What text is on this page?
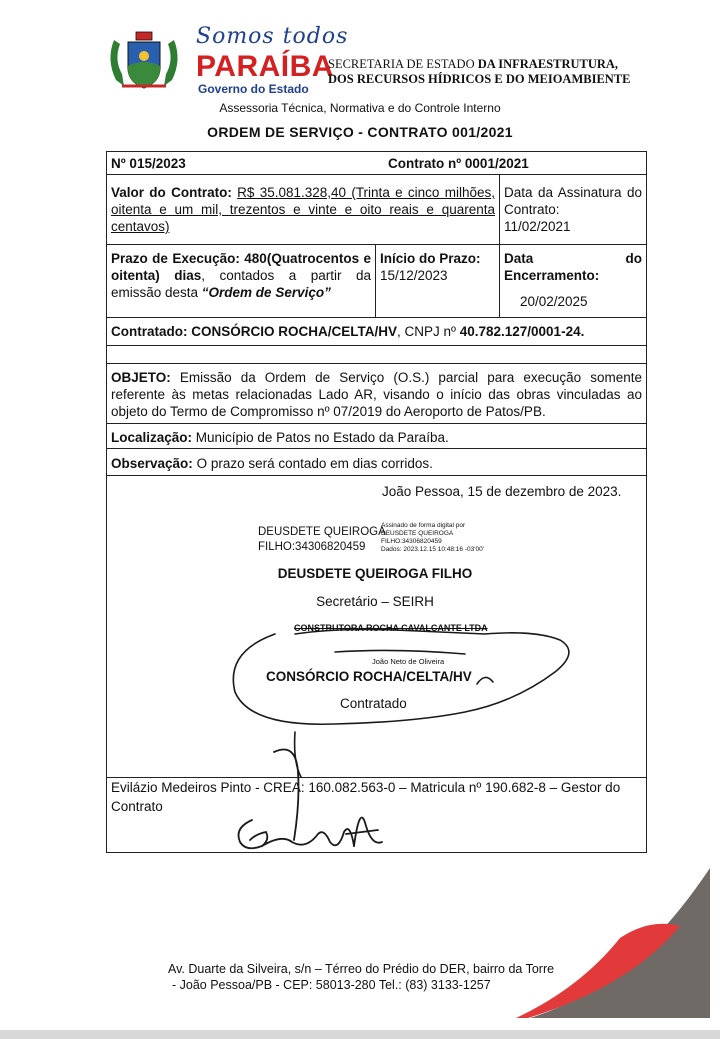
Somos todos
PARAÍBA
Governo do Estado
SECRETARIA DE ESTADO DA INFRAESTRUTURA,
DOS RECURSOS HÍDRICOS E DO MEIOAMBIENTE
Assessoria Técnica, Normativa e do Controle Interno
ORDEM DE SERVIÇO - CONTRATO 001/2021
Nº 015/2023	Contrato nº 0001/2021
Valor do Contrato: R$ 35.081.328,40 (Trinta e cinco milhões, oitenta e um mil, trezentos e vinte e oito reais e quarenta centavos)
Data da Assinatura do Contrato:
11/02/2021
Prazo de Execução: 480(Quatrocentos e oitenta) dias, contados a partir da emissão desta “Ordem de Serviço”
Início do Prazo:
15/12/2023
Data do Encerramento:
20/02/2025
Contratado: CONSÓRCIO ROCHA/CELTA/HV, CNPJ nº 40.782.127/0001-24.
OBJETO: Emissão da Ordem de Serviço (O.S.) parcial para execução somente referente às metas relacionadas Lado AR, visando o início das obras vinculadas ao objeto do Termo de Compromisso nº 07/2019 do Aeroporto de Patos/PB.
Localização: Município de Patos no Estado da Paraíba.
Observação: O prazo será contado em dias corridos.
João Pessoa, 15 de dezembro de 2023.
DEUSDETE QUEIROGA
FILHO:34306820459
Assinado de forma digital por
DEUSDETE QUEIROGA
FILHO:34306820459
Dados: 2023.12.15 10:48:16 -03'00'
DEUSDETE QUEIROGA FILHO
Secretário – SEIRH
CONSTRUTORA ROCHA CAVALCANTE LTDA
João Neto de Oliveira
CONSÓRCIO ROCHA/CELTA/HV
Contratado
Evilázio Medeiros Pinto - CREA: 160.082.563-0 – Matricula nº 190.682-8 – Gestor do Contrato
Av. Duarte da Silveira, s/n – Térreo do Prédio do DER, bairro da Torre
- João Pessoa/PB - CEP: 58013-280 Tel.: (83) 3133-1257
